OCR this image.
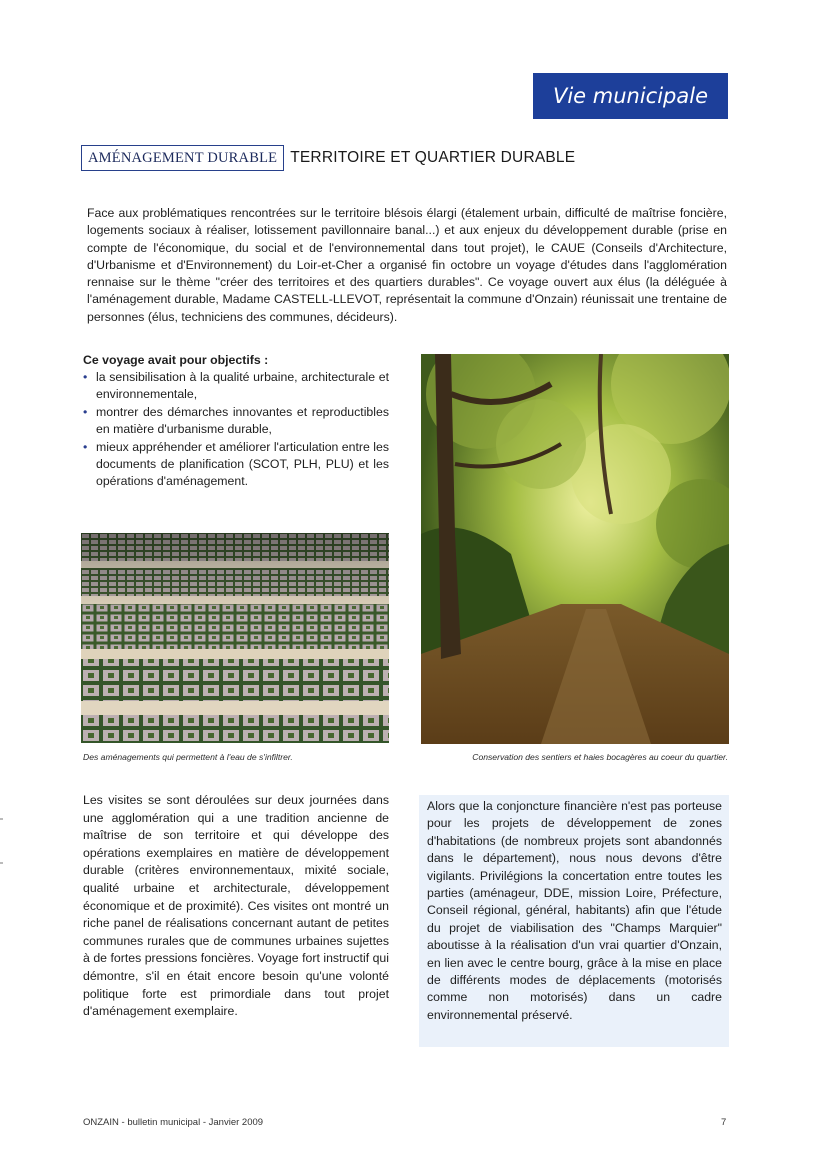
Vie municipale
AMÉNAGEMENT DURABLE TERRITOIRE ET QUARTIER DURABLE

Face aux problématiques rencontrées sur le territoire blésois élargi (étalement urbain, difficulté de maîtrise foncière, logements sociaux à réaliser, lotissement pavillonnaire banal...) et aux enjeux du développement durable (prise en compte de l'économique, du social et de l'environnemental dans tout projet), le CAUE (Conseils d'Architecture, d'Urbanisme et d'Environnement) du Loir-et-Cher a organisé fin octobre un voyage d'études dans l'agglomération rennaise sur le thème "créer des territoires et des quartiers durables". Ce voyage ouvert aux élus (la déléguée à l'aménagement durable, Madame CASTELL-LLEVOT, représentait la commune d'Onzain) réunissait une trentaine de personnes (élus, techniciens des communes, décideurs).

Ce voyage avait pour objectifs :

• la sensibilisation à la qualité urbaine, architecturale et environnementale,
• montrer des démarches innovantes et reproductibles en matière d'urbanisme durable,
• mieux appréhender et améliorer l'articulation entre les documents de planification (SCOT, PLH, PLU) et les opérations d'aménagement.

Des aménagements qui permettent à l'eau de s'infiltrer.	Conservation des sentiers et haies bocagères au coeur du quartier.

Les visites se sont déroulées sur deux journées dans une agglomération qui a une tradition ancienne de maîtrise de son territoire et qui développe des opérations exemplaires en matière de développement durable (critères environnementaux, mixité sociale, qualité urbaine et architecturale, développement économique et de proximité). Ces visites ont montré un riche panel de réalisations concernant autant de petites communes rurales que de communes urbaines sujettes à de fortes pressions foncières. Voyage fort instructif qui démontre, s'il en était encore besoin qu'une volonté politique forte est primordiale dans tout projet d'aménagement exemplaire.

Alors que la conjoncture financière n'est pas porteuse pour les projets de développement de zones d'habitations (de nombreux projets sont abandonnés dans le département), nous nous devons d'être vigilants. Privilégions la concertation entre toutes les parties (aménageur, DDE, mission Loire, Préfecture, Conseil régional, général, habitants) afin que l'étude du projet de viabilisation des "Champs Marquier" aboutisse à la réalisation d'un vrai quartier d'Onzain, en lien avec le centre bourg, grâce à la mise en place de différents modes de déplacements (motorisés comme non motorisés) dans un cadre environnemental préservé.

ONZAIN - bulletin municipal - Janvier 2009	7
